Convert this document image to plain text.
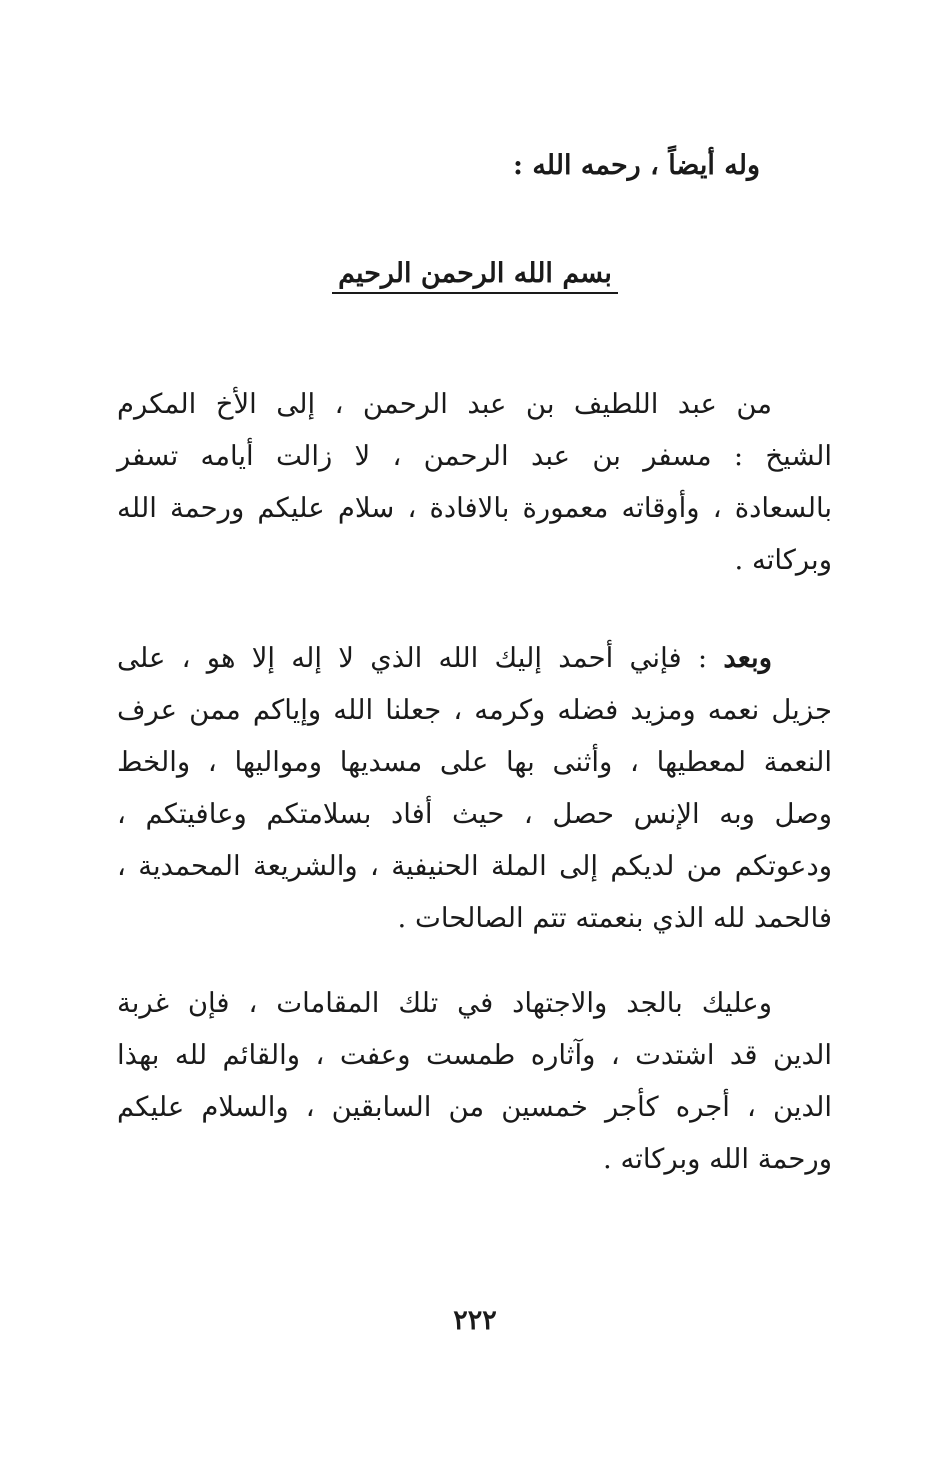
وله أيضاً ، رحمه الله :
بسم الله الرحمن الرحيم
من عبد اللطيف بن عبد الرحمن ، إلى الأخ المكرم
الشيخ : مسفر بن عبد الرحمن ، لا زالت أيامه تسفر
بالسعادة ، وأوقاته معمورة بالافادة ، سلام عليكم ورحمة الله
وبركاته .
وبعد : فإني أحمد إليك الله الذي لا إله إلا هو ، على
جزيل نعمه ومزيد فضله وكرمه ، جعلنا الله وإياكم ممن عرف
النعمة لمعطيها ، وأثنى بها على مسديها ومواليها ، والخط
وصل وبه الإنس حصل ، حيث أفاد بسلامتكم وعافيتكم ،
ودعوتكم من لديكم إلى الملة الحنيفية ، والشريعة المحمدية ،
فالحمد لله الذي بنعمته تتم الصالحات .
وعليك بالجد والاجتهاد في تلك المقامات ، فإن غربة
الدين قد اشتدت ، وآثاره طمست وعفت ، والقائم لله بهذا
الدين ، أجره كأجر خمسين من السابقين ، والسلام عليكم
ورحمة الله وبركاته .
٢٢٢
